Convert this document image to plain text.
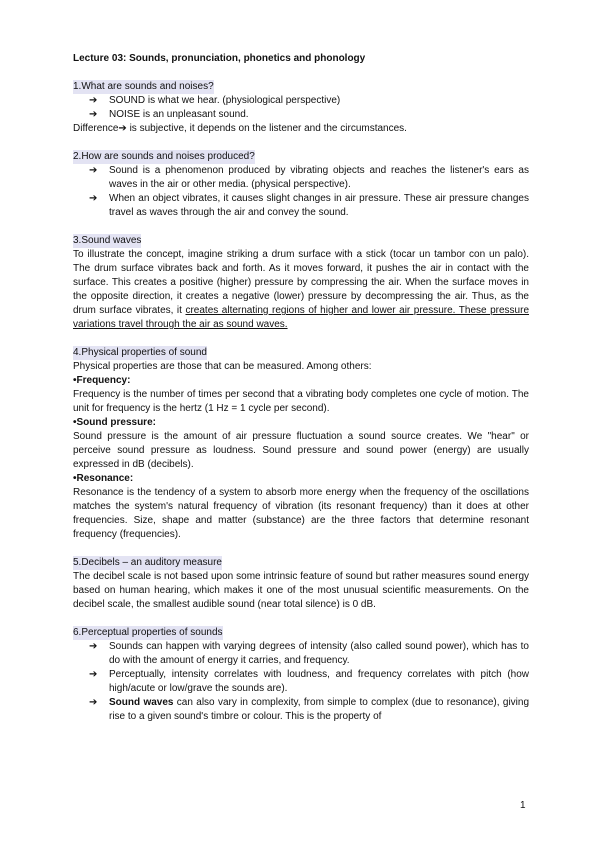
Lecture 03: Sounds, pronunciation, phonetics and phonology

1.What are sounds and noises?
➔ SOUND is what we hear. (physiological perspective)
➔ NOISE is an unpleasant sound.

Difference➔ is subjective, it depends on the listener and the circumstances.

2.How are sounds and noises produced?
➔ Sound is a phenomenon produced by vibrating objects and reaches the listener's ears as waves in the air or other media. (physical perspective).
➔ When an object vibrates, it causes slight changes in air pressure. These air pressure changes travel as waves through the air and convey the sound.
3.Sound waves

To illustrate the concept, imagine striking a drum surface with a stick (tocar un tambor con un palo). The drum surface vibrates back and forth. As it moves forward, it pushes the air in contact with the surface. This creates a positive (higher) pressure by compressing the air. When the surface moves in the opposite direction, it creates a negative (lower) pressure by decompressing the air. Thus, as the drum surface vibrates, it creates alternating regions of higher and lower air pressure. These pressure variations travel through the air as sound waves.

4.Physical properties of sound

Physical properties are those that can be measured. Among others:

•Frequency:

Frequency is the number of times per second that a vibrating body completes one cycle of motion. The unit for frequency is the hertz (1 Hz = 1 cycle per second).

•Sound pressure:

Sound pressure is the amount of air pressure fluctuation a sound source creates. We "hear" or perceive sound pressure as loudness. Sound pressure and sound power (energy) are usually expressed in dB (decibels).

•Resonance:

Resonance is the tendency of a system to absorb more energy when the frequency of the oscillations matches the system's natural frequency of vibration (its resonant frequency) than it does at other frequencies. Size, shape and matter (substance) are the three factors that determine resonant frequency (frequencies).

5.Decibels – an auditory measure

The decibel scale is not based upon some intrinsic feature of sound but rather measures sound energy based on human hearing, which makes it one of the most unusual scientific measurements. On the decibel scale, the smallest audible sound (near total silence) is 0 dB.

6.Perceptual properties of sounds
➔ Sounds can happen with varying degrees of intensity (also called sound power), which has to do with the amount of energy it carries, and frequency.
➔ Perceptually, intensity correlates with loudness, and frequency correlates with pitch (how high/acute or low/grave the sounds are).
➔ Sound waves can also vary in complexity, from simple to complex (due to resonance), giving rise to a given sound's timbre or colour. This is the property of
1
